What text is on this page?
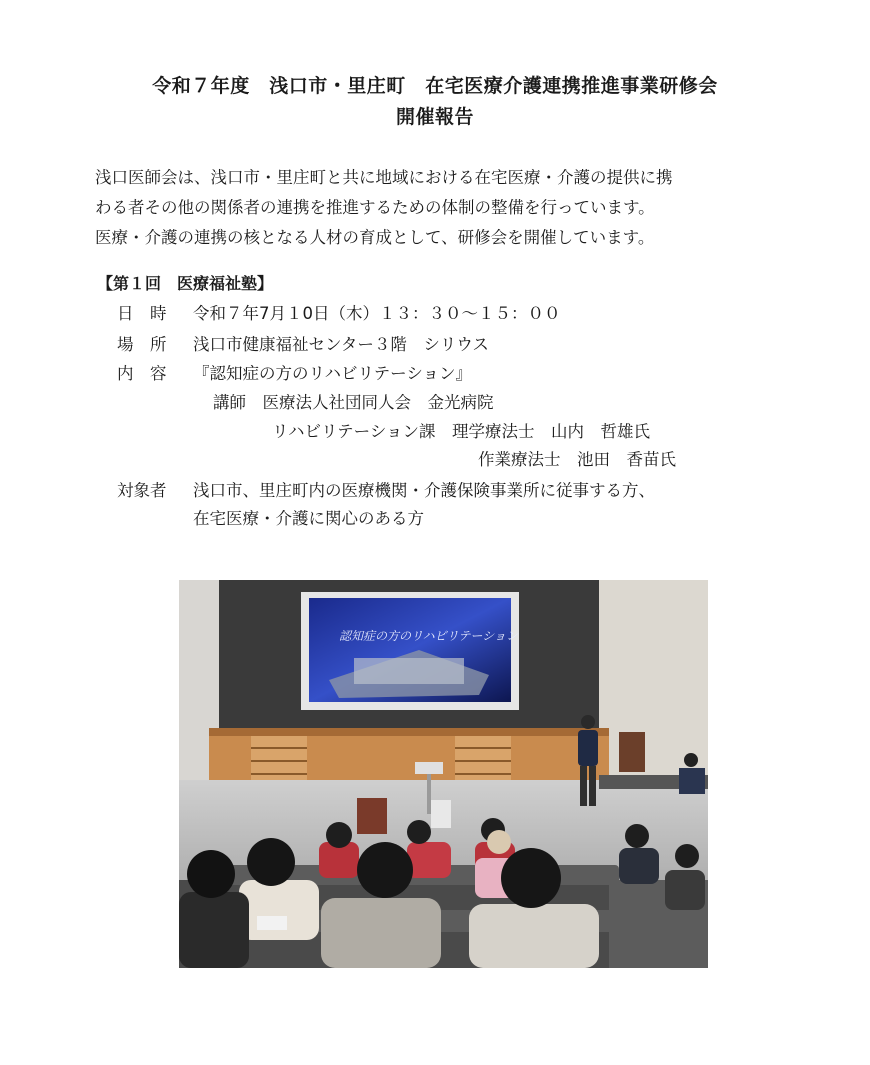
令和７年度　浅口市・里庄町　在宅医療介護連携推進事業研修会
開催報告
浅口医師会は、浅口市・里庄町と共に地域における在宅医療・介護の提供に携
わる者その他の関係者の連携を推進するための体制の整備を行っています。
医療・介護の連携の核となる人材の育成として、研修会を開催しています。
【第１回　医療福祉塾】
日　時 令和７年7月１0日（木）１３：３０～１５：００
場　所 浅口市健康福祉センター３階　シリウス
内　容 『認知症の方のリハビリテーション』
講師　医療法人社団同人会　金光病院
リハビリテーション課　理学療法士　山内　哲雄氏
作業療法士　池田　香苗氏
対象者 浅口市、里庄町内の医療機関・介護保険事業所に従事する方、
在宅医療・介護に関心のある方
認知症の方のリハビリテーション
